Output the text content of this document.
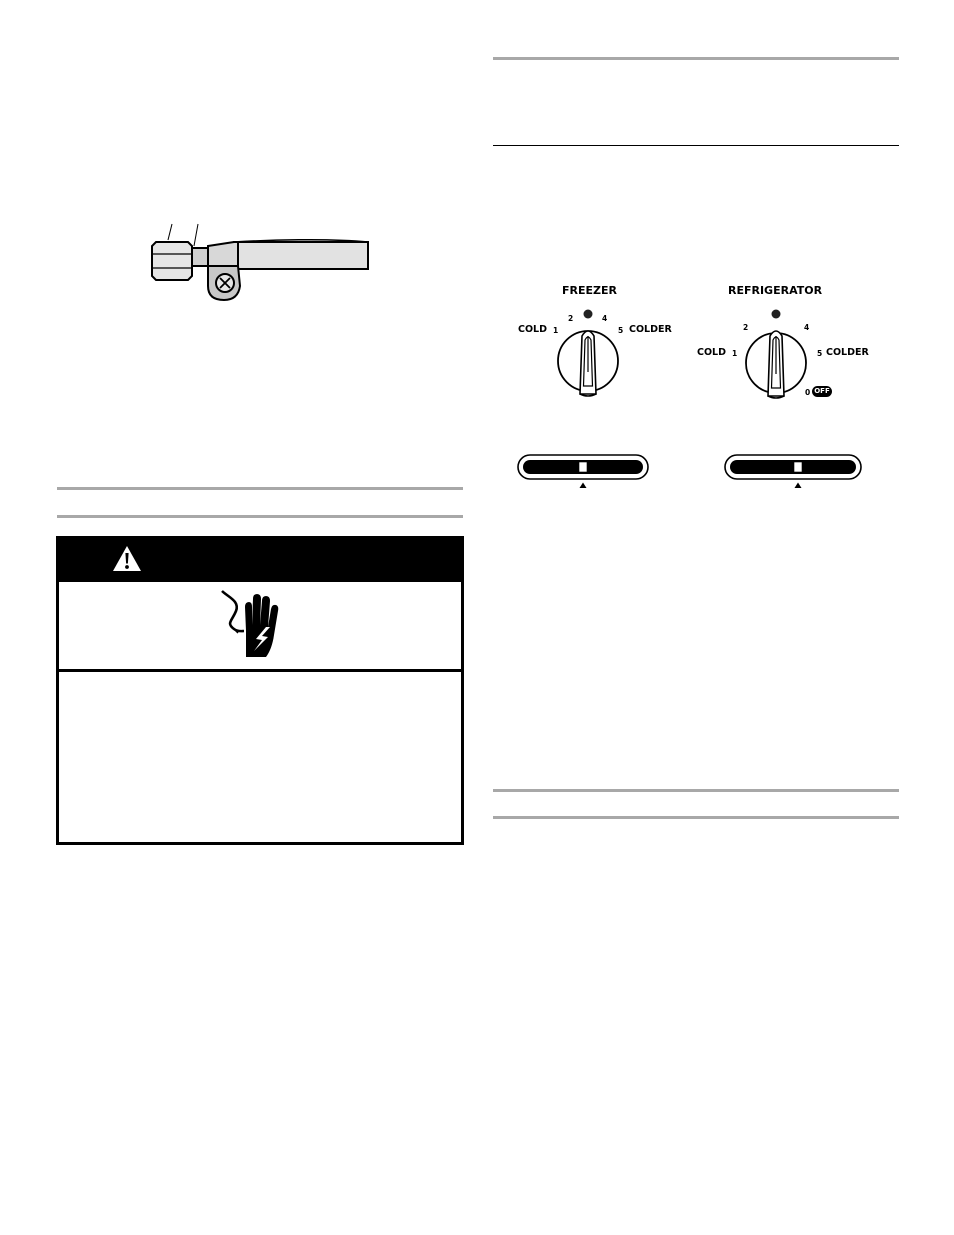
FREEZER
COLD 1
2	4
5 COLDER
REFRIGERATOR
COLD 1
2	4
5 COLDER
0 OFF
